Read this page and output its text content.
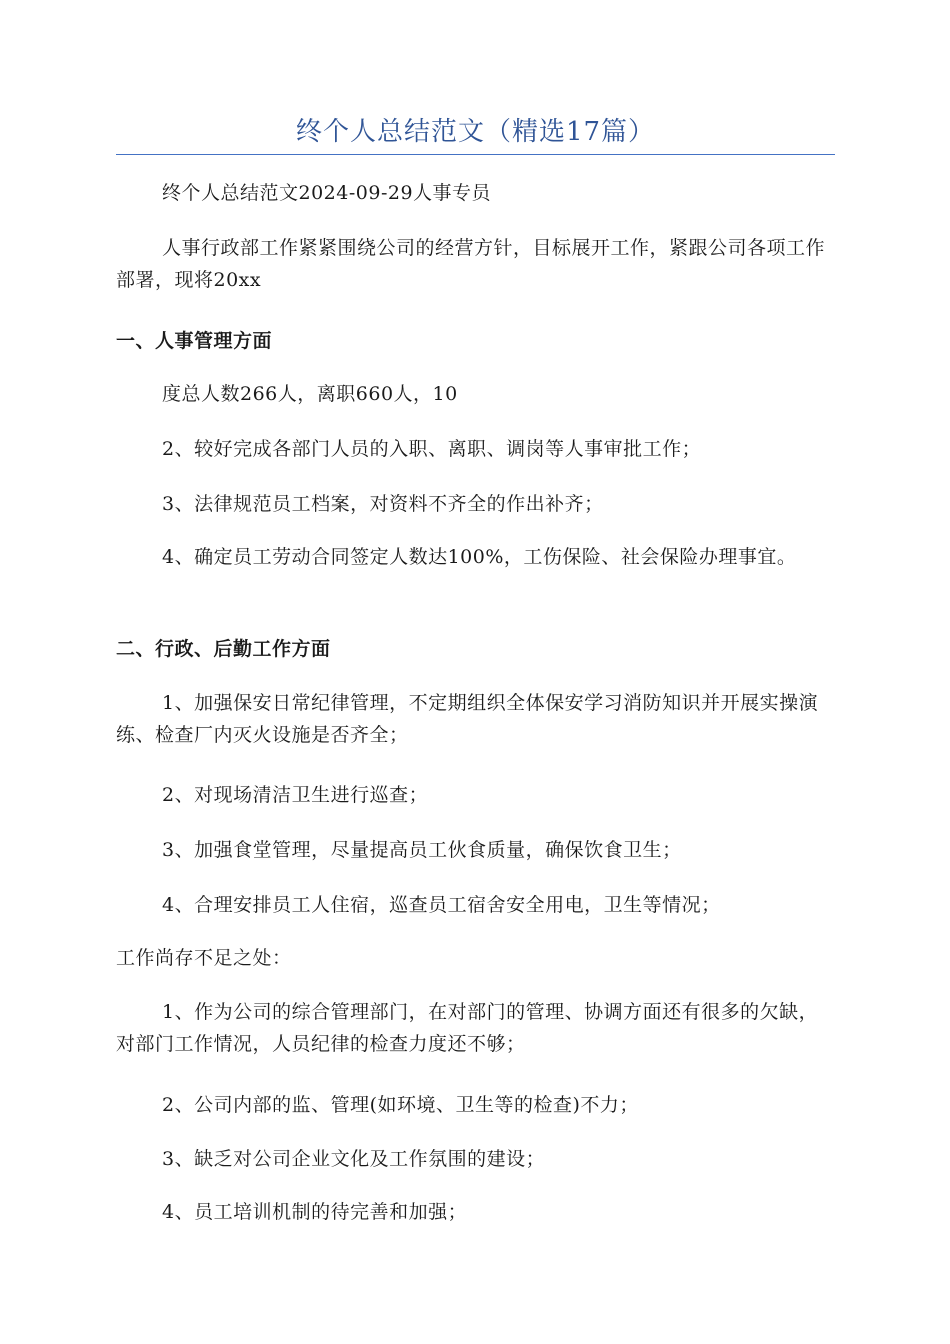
终个人总结范文（精选17篇）

终个人总结范文2024-09-29人事专员

人事行政部工作紧紧围绕公司的经营方针，目标展开工作，紧跟公司各项工作部署，现将20xx

一、人事管理方面

度总人数266人，离职660人，10

2、较好完成各部门人员的入职、离职、调岗等人事审批工作；

3、法律规范员工档案，对资料不齐全的作出补齐；

4、确定员工劳动合同签定人数达100%，工伤保险、社会保险办理事宜。

二、行政、后勤工作方面

1、加强保安日常纪律管理，不定期组织全体保安学习消防知识并开展实操演练、检查厂内灭火设施是否齐全；

2、对现场清洁卫生进行巡查；

3、加强食堂管理，尽量提高员工伙食质量，确保饮食卫生；

4、合理安排员工人住宿，巡查员工宿舍安全用电，卫生等情况；

工作尚存不足之处：

1、作为公司的综合管理部门，在对部门的管理、协调方面还有很多的欠缺，对部门工作情况，人员纪律的检查力度还不够；

2、公司内部的监、管理(如环境、卫生等的检查)不力；

3、缺乏对公司企业文化及工作氛围的建设；

4、员工培训机制的待完善和加强；
